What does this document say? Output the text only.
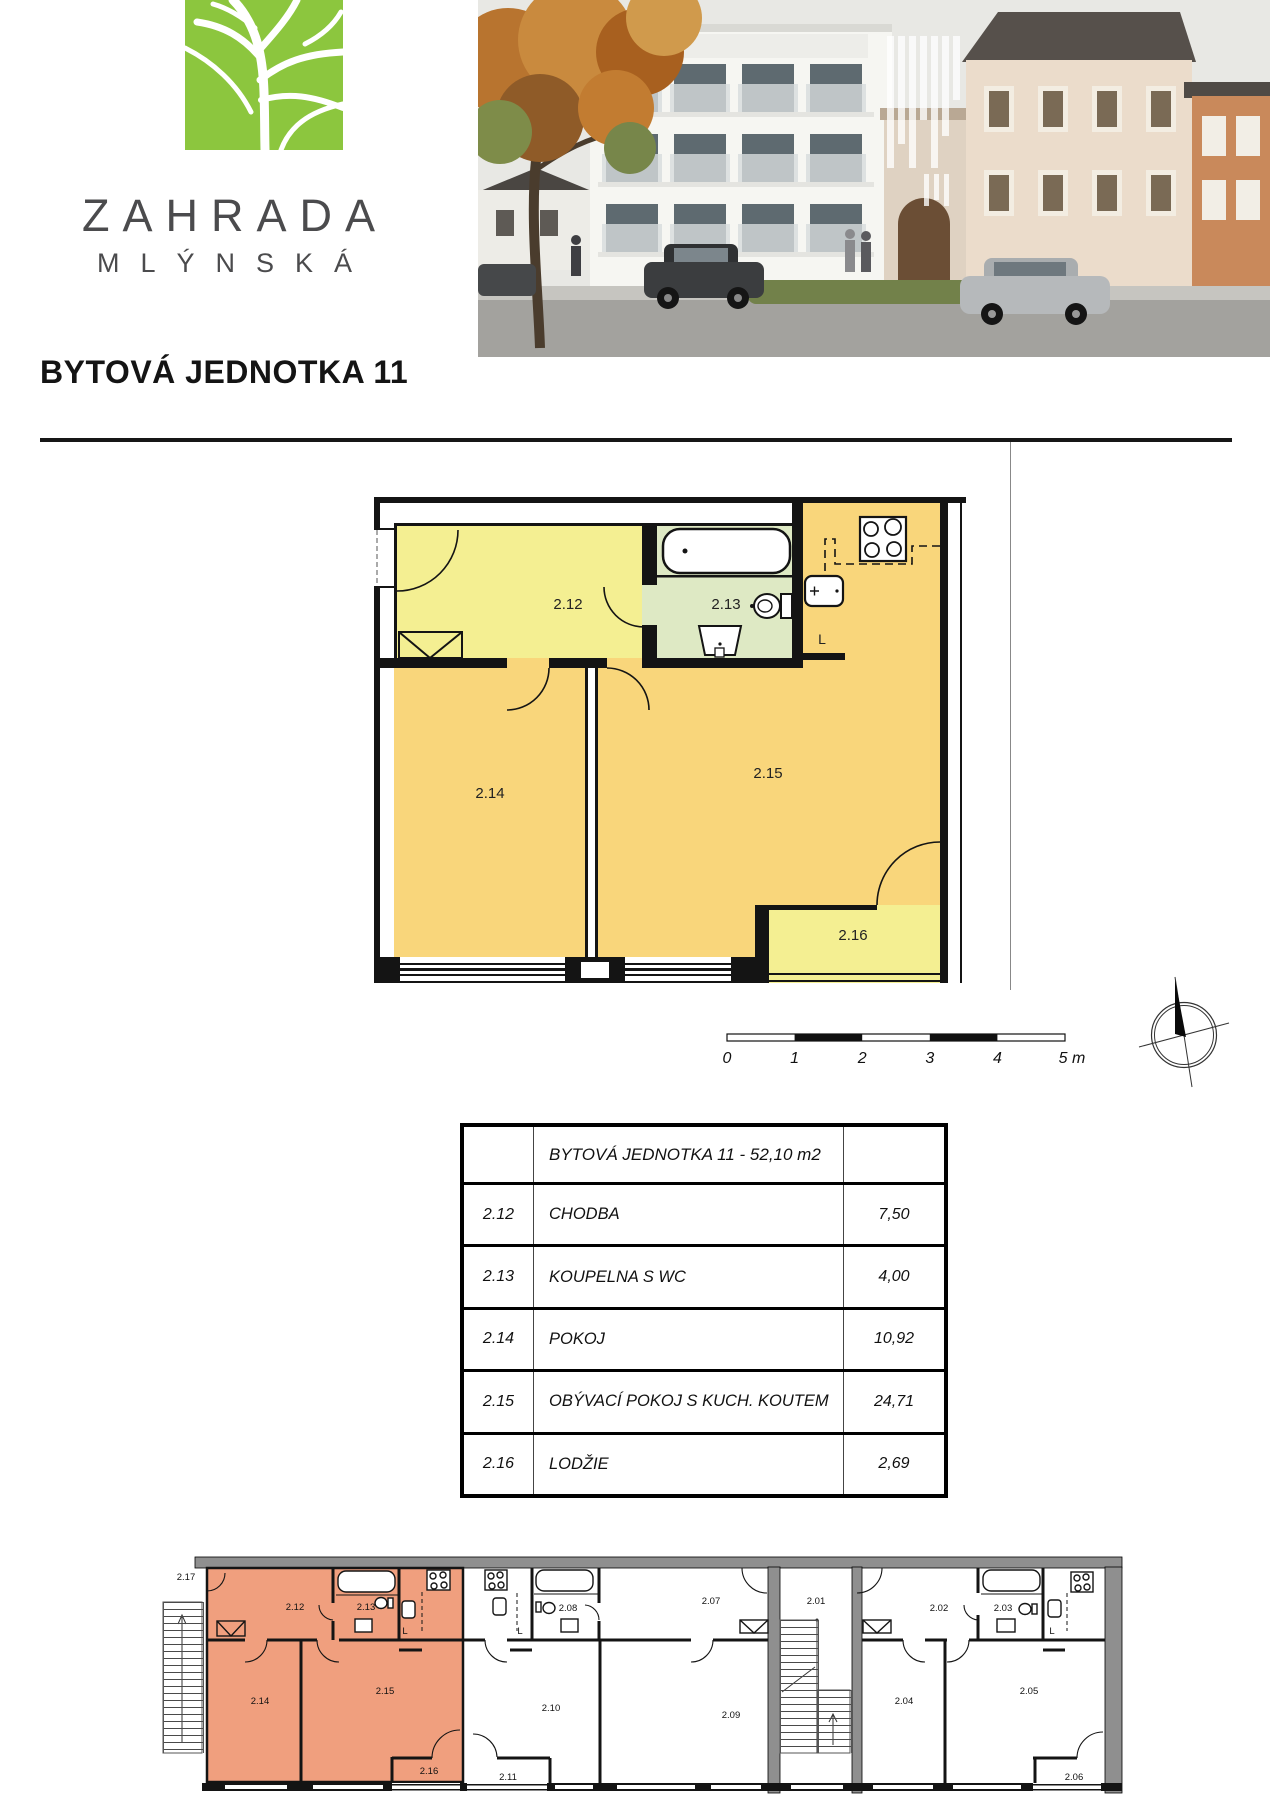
ZAHRADA
MLÝNSKÁ
BYTOVÁ JEDNOTKA 11
2.12	2.13
L
2.14
2.15
2.16
0	1	2	3	4	5 m
BYTOVÁ JEDNOTKA 11 - 52,10 m2
2.12	CHODBA	7,50
2.13	KOUPELNA S WC	4,00
2.14	POKOJ	10,92
2.15	OBÝVACÍ POKOJ S KUCH. KOUTEM	24,71
2.16	LODŽIE	2,69
2.17
2.12	2.13
L
2.14
2.15
2.16
2.08
L
2.07
2.10
2.09
2.11
2.01
2.02	2.03
L
2.04
2.05
2.06
